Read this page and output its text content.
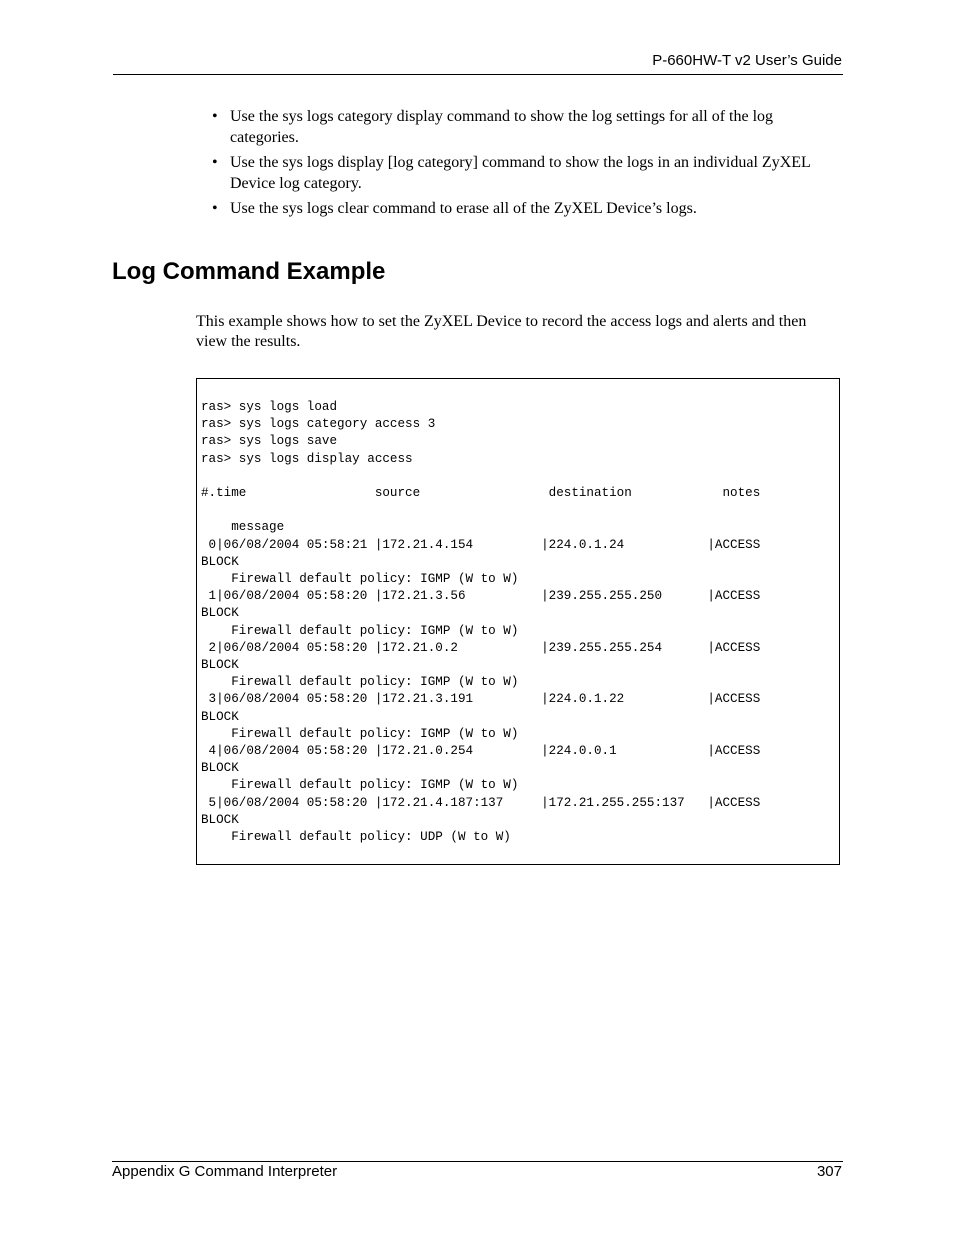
P-660HW-T v2 User’s Guide
• Use the sys logs category display command to show the log settings for all of the log categories.
• Use the sys logs display [log category] command to show the logs in an individual ZyXEL Device log category.
• Use the sys logs clear command to erase all of the ZyXEL Device’s logs.
Log Command Example

This example shows how to set the ZyXEL Device to record the access logs and alerts and then view the results.

ras> sys logs load
ras> sys logs category access 3
ras> sys logs save
ras> sys logs display access

#.time                 source                 destination            notes

message
0|06/08/2004 05:58:21 |172.21.4.154         |224.0.1.24           |ACCESS
BLOCK
Firewall default policy: IGMP (W to W)
1|06/08/2004 05:58:20 |172.21.3.56          |239.255.255.250      |ACCESS
BLOCK
Firewall default policy: IGMP (W to W)
2|06/08/2004 05:58:20 |172.21.0.2           |239.255.255.254      |ACCESS
BLOCK
Firewall default policy: IGMP (W to W)
3|06/08/2004 05:58:20 |172.21.3.191         |224.0.1.22           |ACCESS
BLOCK
Firewall default policy: IGMP (W to W)
4|06/08/2004 05:58:20 |172.21.0.254         |224.0.0.1            |ACCESS
BLOCK
Firewall default policy: IGMP (W to W)
5|06/08/2004 05:58:20 |172.21.4.187:137     |172.21.255.255:137   |ACCESS
BLOCK
Firewall default policy: UDP (W to W)
Appendix G Command Interpreter	307
